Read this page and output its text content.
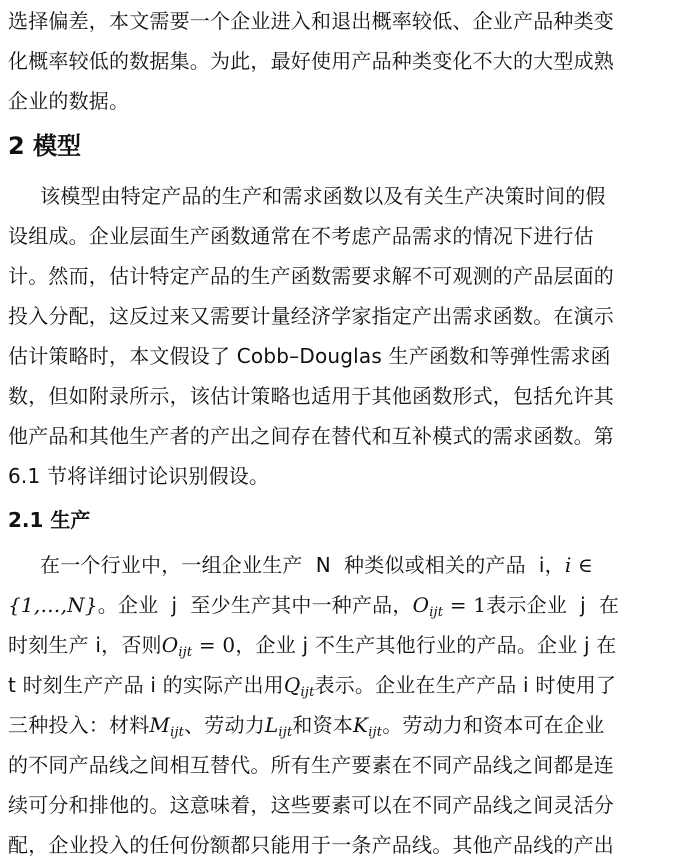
选择偏差，本文需要一个企业进入和退出概率较低、企业产品种类变
化概率较低的数据集。为此，最好使用产品种类变化不大的大型成熟
企业的数据。
2 模型
该模型由特定产品的生产和需求函数以及有关生产决策时间的假
设组成。企业层面生产函数通常在不考虑产品需求的情况下进行估
计。然而，估计特定产品的生产函数需要求解不可观测的产品层面的
投入分配，这反过来又需要计量经济学家指定产出需求函数。在演示
估计策略时，本文假设了 Cobb–Douglas 生产函数和等弹性需求函
数，但如附录所示，该估计策略也适用于其他函数形式，包括允许其
他产品和其他生产者的产出之间存在替代和互补模式的需求函数。第
6.1 节将详细讨论识别假设。
2.1 生产
在一个行业中，一组企业生产  N  种类似或相关的产品  i，i ∈
{1,…,N}。企业  j  至少生产其中一种产品，$O_{ijt} = 1$表示企业  j  在
时刻生产 i，否则$O_{ijt} = 0$，企业 j 不生产其他行业的产品。企业 j 在
t 时刻生产产品 i 的实际产出用$Q_{ijt}$表示。企业在生产产品 i 时使用了
三种投入：材料$M_{ijt}$、劳动力$L_{ijt}$和资本$K_{ijt}$。劳动力和资本可在企业
的不同产品线之间相互替代。所有生产要素在不同产品线之间都是连
续可分和排他的。这意味着，这些要素可以在不同产品线之间灵活分
配，企业投入的任何份额都只能用于一条产品线。其他产品线的产出
